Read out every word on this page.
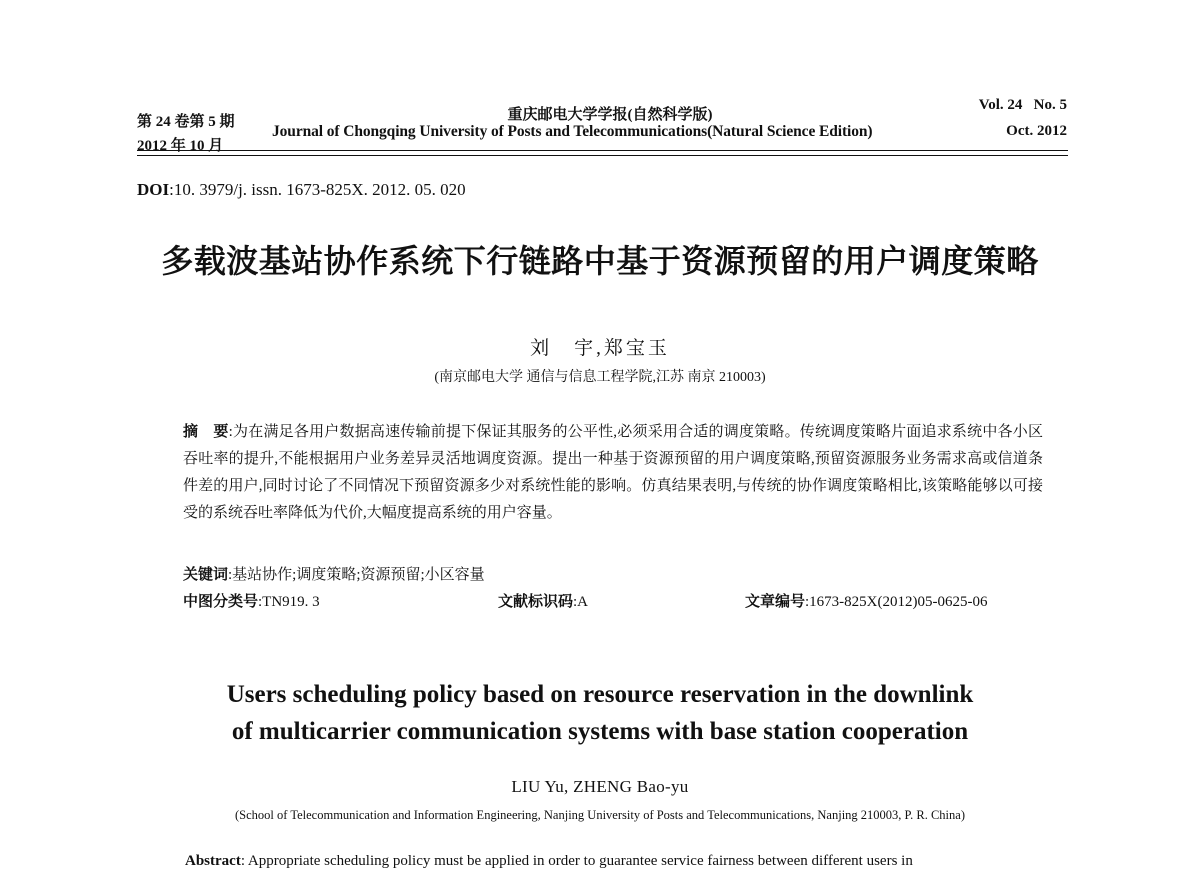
第 24 卷第 5 期
2012 年 10 月
重庆邮电大学学报(自然科学版)
Journal of Chongqing University of Posts and Telecommunications(Natural Science Edition)
Vol. 24   No. 5
Oct. 2012
DOI:10. 3979/j. issn. 1673-825X. 2012. 05. 020
多载波基站协作系统下行链路中基于资源预留的用户调度策略
刘　宇,郑宝玉
(南京邮电大学 通信与信息工程学院,江苏 南京 210003)
摘　要:为在满足各用户数据高速传输前提下保证其服务的公平性,必须采用合适的调度策略。传统调度策略片面追求系统中各小区吞吐率的提升,不能根据用户业务差异灵活地调度资源。提出一种基于资源预留的用户调度策略,预留资源服务业务需求高或信道条件差的用户,同时讨论了不同情况下预留资源多少对系统性能的影响。仿真结果表明,与传统的协作调度策略相比,该策略能够以可接受的系统吞吐率降低为代价,大幅度提高系统的用户容量。
关键词:基站协作;调度策略;资源预留;小区容量
中图分类号:TN919. 3	文献标识码:A	文章编号:1673-825X(2012)05-0625-06
Users scheduling policy based on resource reservation in the downlink
of multicarrier communication systems with base station cooperation
LIU Yu, ZHENG Bao-yu
(School of Telecommunication and Information Engineering, Nanjing University of Posts and Telecommunications, Nanjing 210003, P. R. China)
Abstract: Appropriate scheduling policy must be applied in order to guarantee service fairness between different users in
